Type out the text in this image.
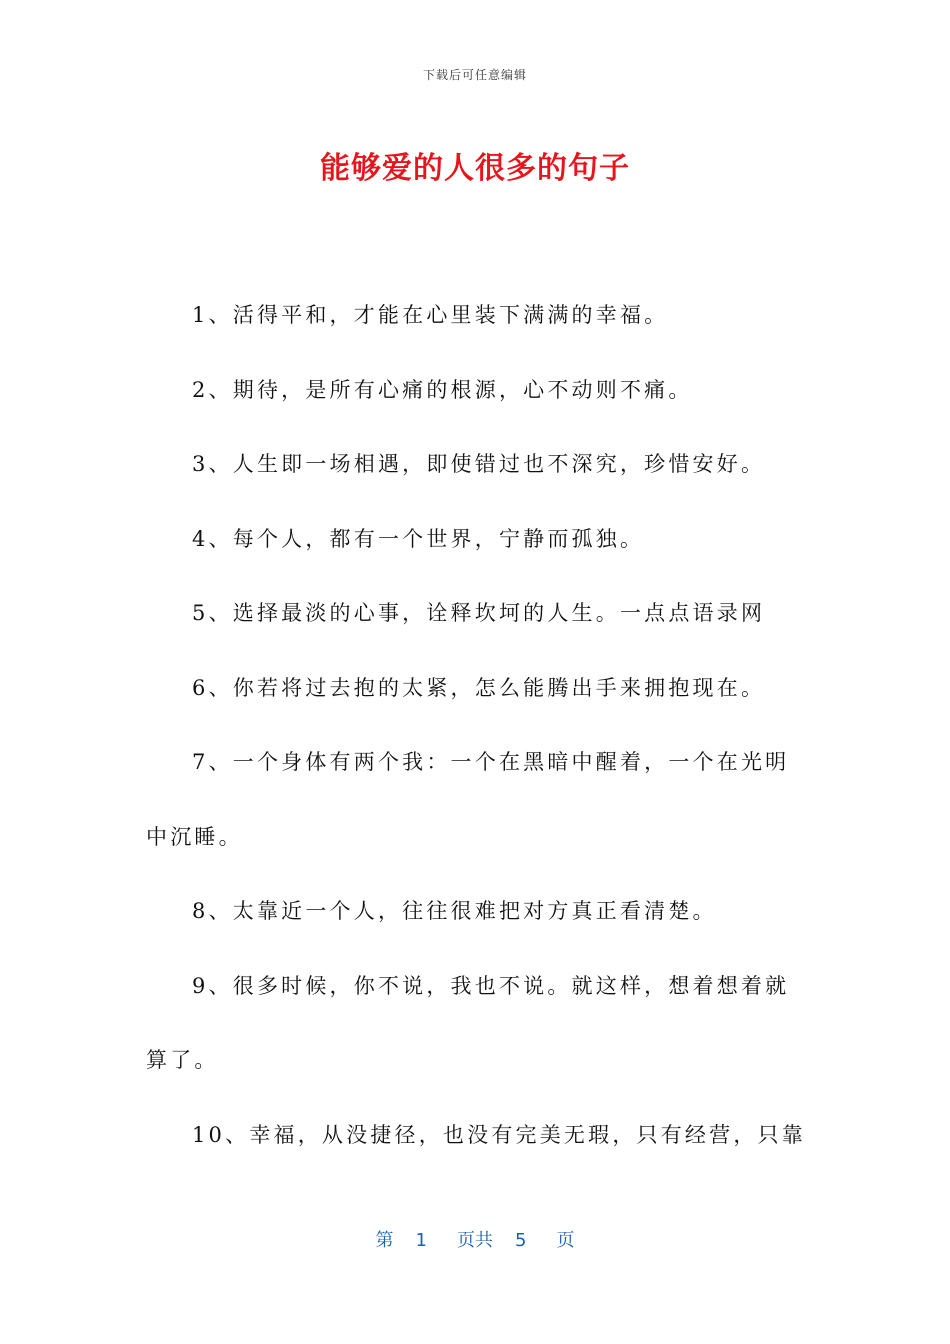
下载后可任意编辑
能够爱的人很多的句子

1、活得平和，才能在心里装下满满的幸福。

2、期待，是所有心痛的根源，心不动则不痛。

3、人生即一场相遇，即使错过也不深究，珍惜安好。

4、每个人，都有一个世界，宁静而孤独。

5、选择最淡的心事，诠释坎坷的人生。一点点语录网

6、你若将过去抱的太紧，怎么能腾出手来拥抱现在。

7、一个身体有两个我：一个在黑暗中醒着，一个在光明中沉睡。

8、太靠近一个人，往往很难把对方真正看清楚。

9、很多时候，你不说，我也不说。就这样，想着想着就算了。

10、幸福，从没捷径，也没有完美无瑕，只有经营，只靠

第 1 页共 5 页
